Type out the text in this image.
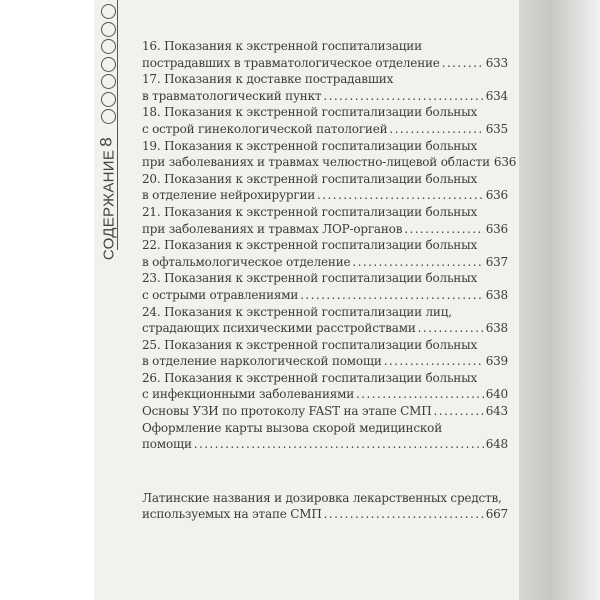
8
СОДЕРЖАНИЕ
16. Показания к экстренной госпитализации
пострадавших в травматологическое отделение . . .	633
17. Показания к доставке пострадавших
в травматологический пункт . . .	634
18. Показания к экстренной госпитализации больных
с острой гинекологической патологией . . .	635
19. Показания к экстренной госпитализации больных
при заболеваниях и травмах челюстно-лицевой области 636
20. Показания к экстренной госпитализации больных
в отделение нейрохирургии . . .	636
21. Показания к экстренной госпитализации больных
при заболеваниях и травмах ЛОР-органов . . .	636
22. Показания к экстренной госпитализации больных
в офтальмологическое отделение . . .	637
23. Показания к экстренной госпитализации больных
с острыми отравлениями . . .	638
24. Показания к экстренной госпитализации лиц,
страдающих психическими расстройствами . . .	638
25. Показания к экстренной госпитализации больных
в отделение наркологической помощи . . .	639
26. Показания к экстренной госпитализации больных
с инфекционными заболеваниями . . .	640
Основы УЗИ по протоколу FAST на этапе СМП . . .	643
Оформление карты вызова скорой медицинской
помощи . . .	648
Латинские названия и дозировка лекарственных средств,
используемых на этапе СМП . . .	667
